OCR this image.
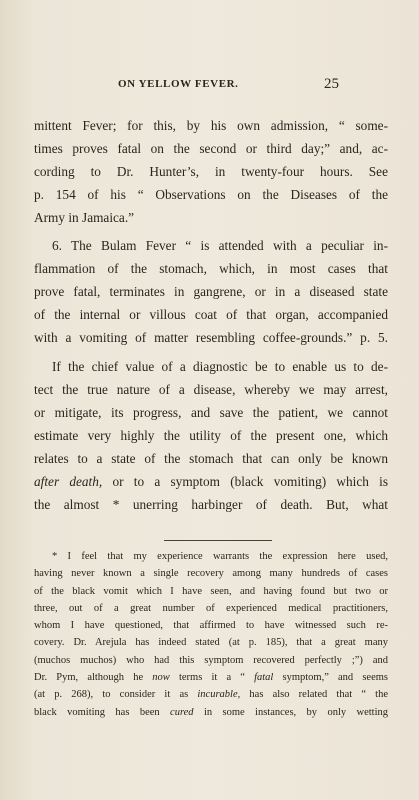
ON YELLOW FEVER.	25
mittent Fever; for this, by his own admission, “ some-
times proves fatal on the second or third day;” and, ac-
cording to Dr. Hunter’s, in twenty-four hours. See
p. 154 of his “ Observations on the Diseases of the
Army in Jamaica.”
6. The Bulam Fever “ is attended with a peculiar in-
flammation of the stomach, which, in most cases that
prove fatal, terminates in gangrene, or in a diseased state
of the internal or villous coat of that organ, accompanied
with a vomiting of matter resembling coffee-grounds.” p. 5.
If the chief value of a diagnostic be to enable us to de-
tect the true nature of a disease, whereby we may arrest,
or mitigate, its progress, and save the patient, we cannot
estimate very highly the utility of the present one, which
relates to a state of the stomach that can only be known
after death, or to a symptom (black vomiting) which is
the almost * unerring harbinger of death. But, what
* I feel that my experience warrants the expression here used,
having never known a single recovery among many hundreds of cases
of the black vomit which I have seen, and having found but two or
three, out of a great number of experienced medical practitioners,
whom I have questioned, that affirmed to have witnessed such re-
covery. Dr. Arejula has indeed stated (at p. 185), that a great many
(muchos muchos) who had this symptom recovered perfectly ;”) and
Dr. Pym, although he now terms it a “ fatal symptom,” and seems
(at p. 268), to consider it as incurable, has also related that “ the
black vomiting has been cured in some instances, by only wetting
